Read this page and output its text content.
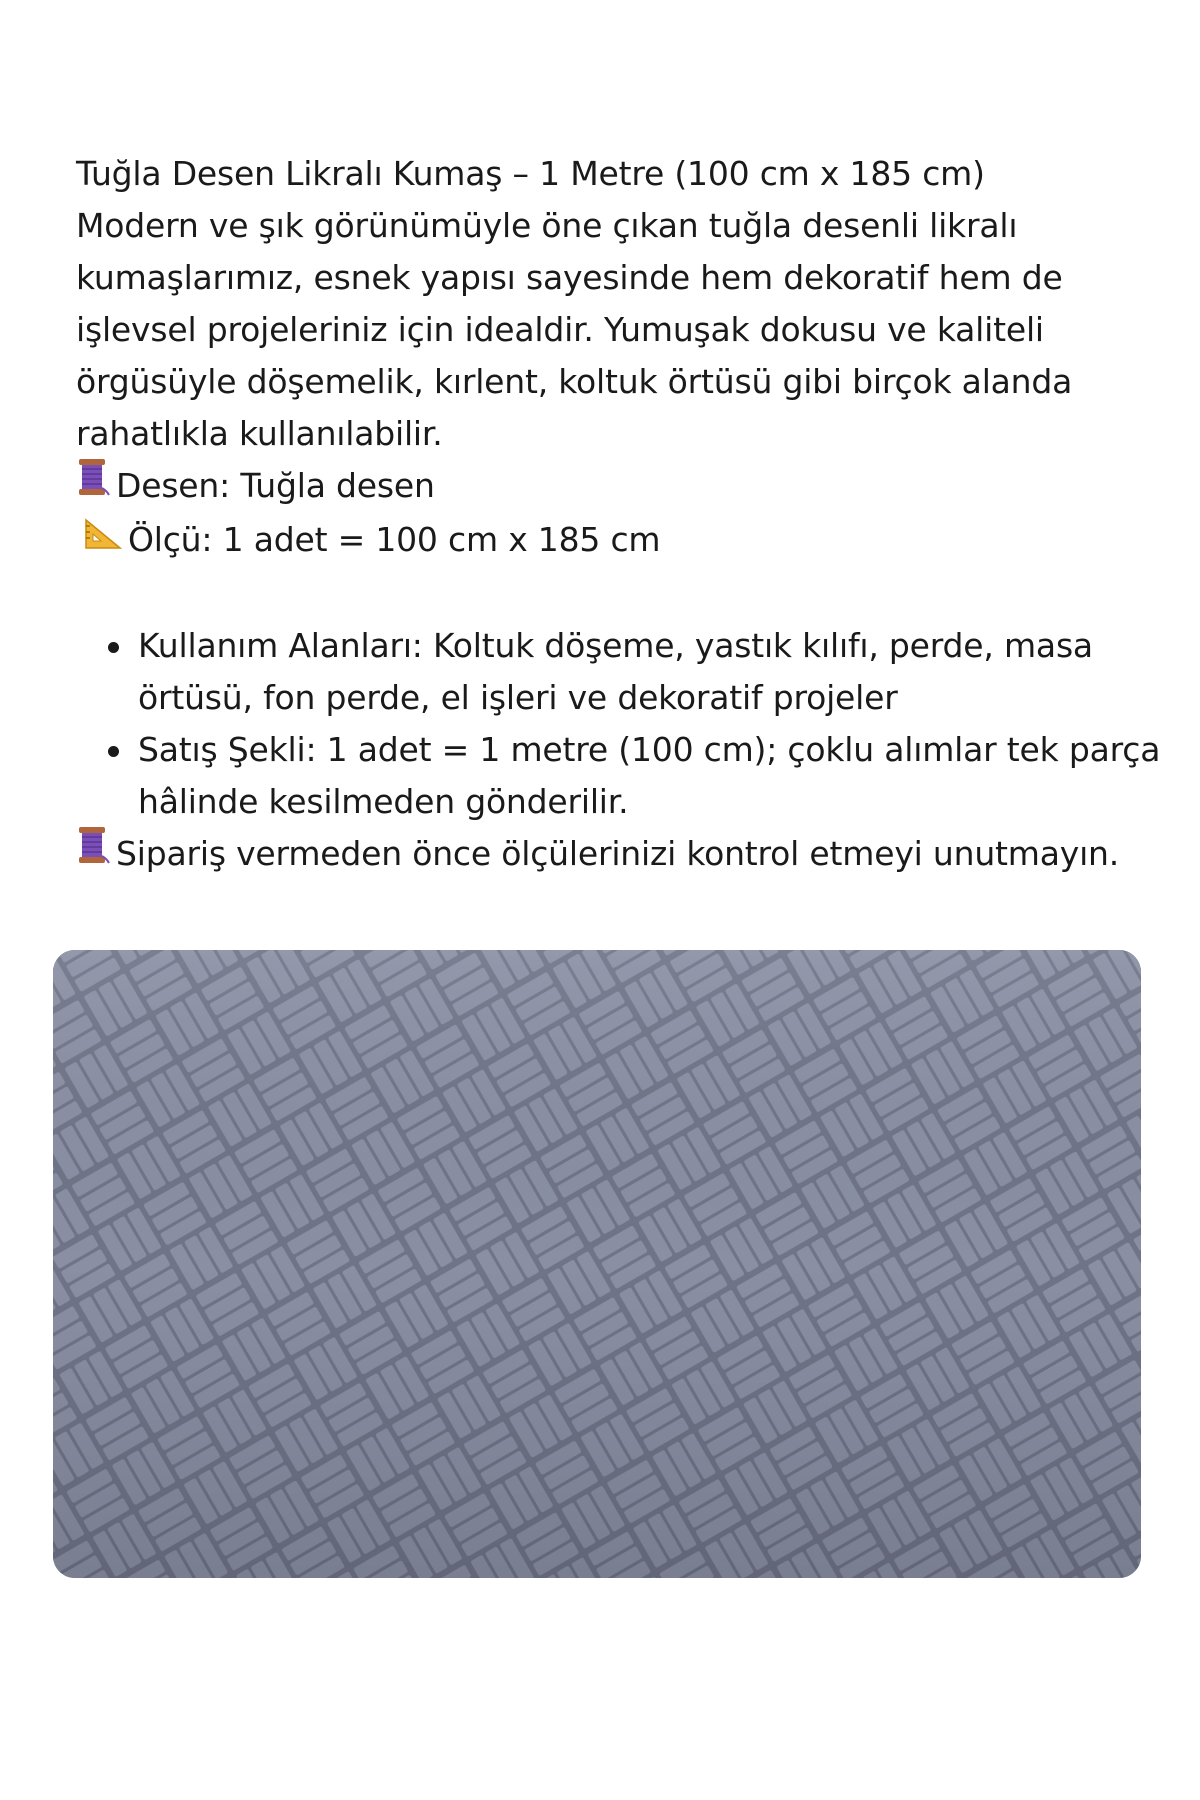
Tuğla Desen Likralı Kumaş – 1 Metre (100 cm x 185 cm)
Modern ve şık görünümüyle öne çıkan tuğla desenli likralı
kumaşlarımız, esnek yapısı sayesinde hem dekoratif hem de
işlevsel projeleriniz için idealdir. Yumuşak dokusu ve kaliteli
örgüsüyle döşemelik, kırlent, koltuk örtüsü gibi birçok alanda
rahatlıkla kullanılabilir.
Desen: Tuğla desen
Ölçü: 1 adet = 100 cm x 185 cm
Kullanım Alanları: Koltuk döşeme, yastık kılıfı, perde, masa
örtüsü, fon perde, el işleri ve dekoratif projeler
Satış Şekli: 1 adet = 1 metre (100 cm); çoklu alımlar tek parça
hâlinde kesilmeden gönderilir.
Sipariş vermeden önce ölçülerinizi kontrol etmeyi unutmayın.
